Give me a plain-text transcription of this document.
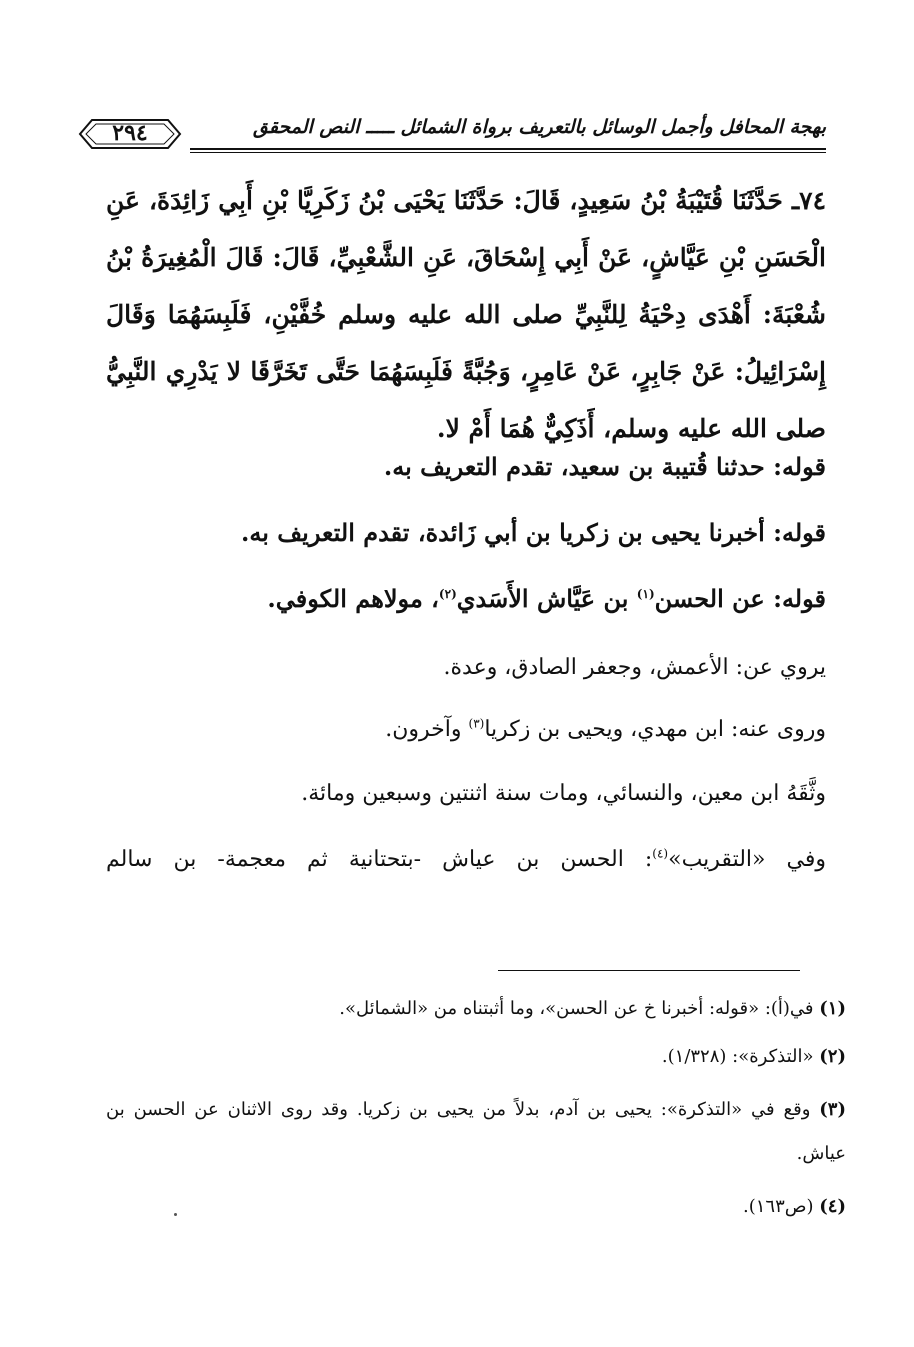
بهجة المحافل وأجمل الوسائل بالتعريف برواة الشمائل ـــــ النص المحقق
٢٩٤

٧٤ـ حَدَّثَنَا قُتَيْبَةُ بْنُ سَعِيدٍ، قَالَ: حَدَّثَنَا يَحْيَى بْنُ زَكَرِيَّا بْنِ أَبِي زَائِدَةَ، عَنِ الْحَسَنِ بْنِ عَيَّاشٍ، عَنْ أَبِي إِسْحَاقَ، عَنِ الشَّعْبِيِّ، قَالَ: قَالَ الْمُغِيرَةُ بْنُ شُعْبَةَ: أَهْدَى دِحْيَةُ لِلنَّبِيِّ صلى الله عليه وسلم خُفَّيْنِ، فَلَبِسَهُمَا وَقَالَ إِسْرَائِيلُ: عَنْ جَابِرٍ، عَنْ عَامِرٍ، وَجُبَّةً فَلَبِسَهُمَا حَتَّى تَخَرَّقَا لا يَدْرِي النَّبِيُّ صلى الله عليه وسلم، أَذَكِيٌّ هُمَا أَمْ لا.

قوله: حدثنا قُتيبة بن سعيد، تقدم التعريف به.

قوله: أخبرنا يحيى بن زكريا بن أبي زَائدة، تقدم التعريف به.

قوله: عن الحسن$^{(١)}$ بن عَيَّاش الأَسَدي$^{(٢)}$، مولاهم الكوفي.

يروي عن: الأعمش، وجعفر الصادق، وعدة.

وروى عنه: ابن مهدي، ويحيى بن زكريا$^{(٣)}$ وآخرون.

وثَّقَهُ ابن معين، والنسائي، ومات سنة اثنتين وسبعين ومائة.

وفي «التقريب»$^{(٤)}$: الحسن بن عياش -بتحتانية ثم معجمة- بن سالم

(١) في(أ): «قوله: أخبرنا خ عن الحسن»، وما أثبتناه من «الشمائل».

(٢) «التذكرة»: (١/٣٢٨).

(٣) وقع في «التذكرة»: يحيى بن آدم، بدلاً من يحيى بن زكريا. وقد روى الاثنان عن الحسن بن عياش.

(٤) (ص١٦٣).
